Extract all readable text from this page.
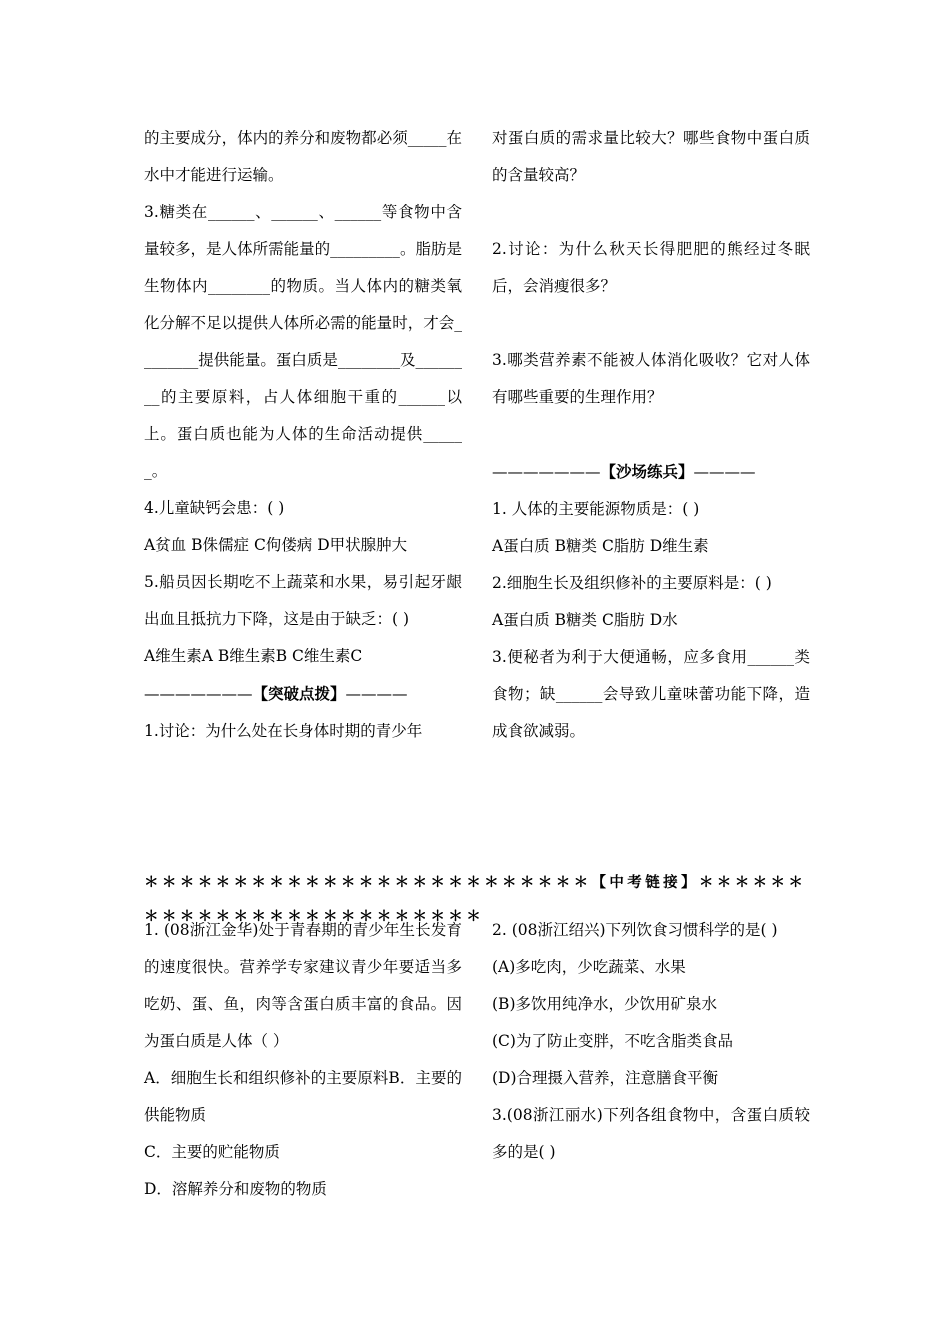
的主要成分，体内的养分和废物都必须_____在水中才能进行运输。

3.糖类在______、______、______等食物中含量较多，是人体所需能量的_________。脂肪是生物体内________的物质。当人体内的糖类氧化分解不足以提供人体所必需的能量时，才会________提供能量。蛋白质是________及________的主要原料，占人体细胞干重的______以上。蛋白质也能为人体的生命活动提供______。

4.儿童缺钙会患：( )

A贫血 B侏儒症 C佝偻病 D甲状腺肿大

5.船员因长期吃不上蔬菜和水果，易引起牙龈出血且抵抗力下降，这是由于缺乏：( )

A维生素A B维生素B C维生素C

———————【突破点拨】————

1.讨论：为什么处在长身体时期的青少年

对蛋白质的需求量比较大？哪些食物中蛋白质的含量较高？

2.讨论：为什么秋天长得肥肥的熊经过冬眠后，会消瘦很多？

3.哪类营养素不能被人体消化吸收？它对人体有哪些重要的生理作用？

———————【沙场练兵】————

1. 人体的主要能源物质是：( )

A蛋白质 B糖类 C脂肪 D维生素

2.细胞生长及组织修补的主要原料是：( )

A蛋白质 B糖类 C脂肪 D水

3.便秘者为利于大便通畅，应多食用______类食物；缺______会导致儿童味蕾功能下降，造成食欲减弱。

＊＊＊＊＊＊＊＊＊＊＊＊＊＊＊＊＊＊＊＊＊＊＊＊＊【中考链接】＊＊＊＊＊＊＊＊＊＊＊＊＊＊＊＊＊＊＊＊＊＊＊＊＊

1. (08浙江金华)处于青春期的青少年生长发育的速度很快。营养学专家建议青少年要适当多吃奶、蛋、鱼，肉等含蛋白质丰富的食品。因为蛋白质是人体（ ）

A．细胞生长和组织修补的主要原料B．主要的供能物质

C．主要的贮能物质

D．溶解养分和废物的物质

2. (08浙江绍兴)下列饮食习惯科学的是( )

(A)多吃肉，少吃蔬菜、水果

(B)多饮用纯净水，少饮用矿泉水

(C)为了防止变胖，不吃含脂类食品

(D)合理摄入营养，注意膳食平衡

3.(08浙江丽水)下列各组食物中，含蛋白质较多的是( )
